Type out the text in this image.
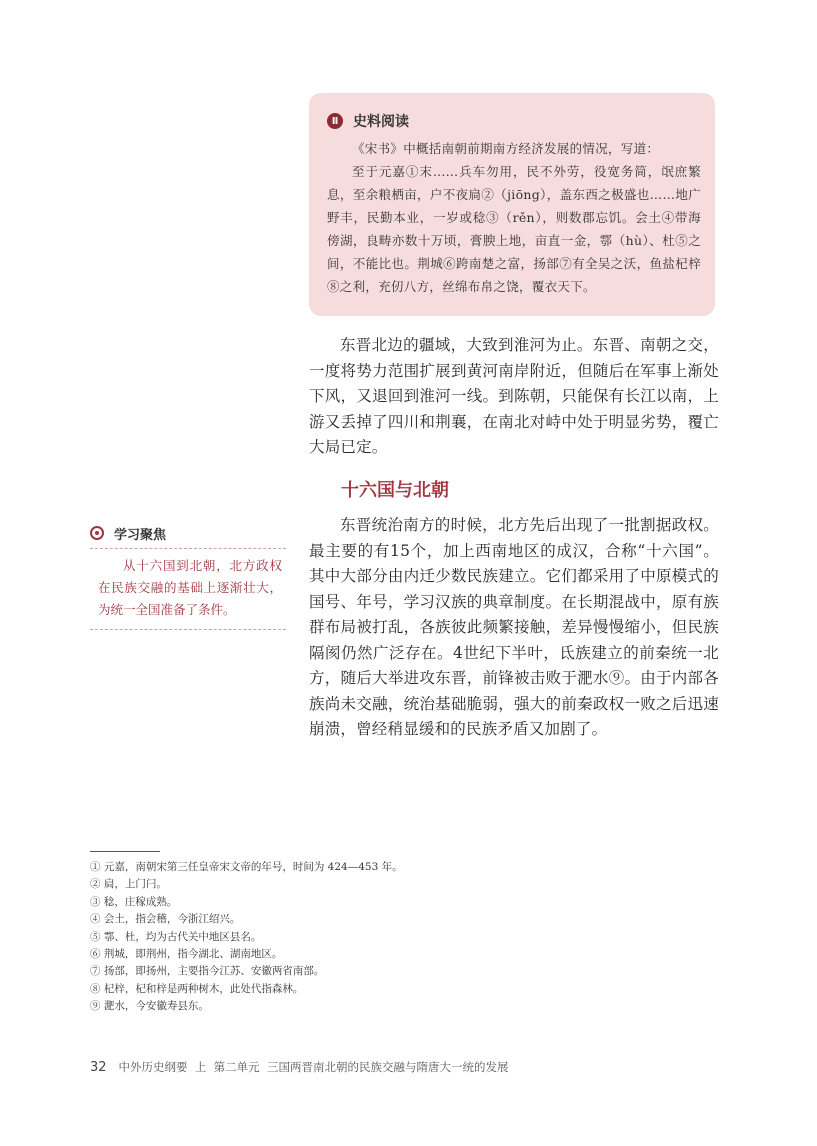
Ⅱ	史料阅读

《宋书》中概括南朝前期南方经济发展的情况，写道：

至于元嘉①末……兵车勿用，民不外劳，役宽务简，氓庶繁息，至余粮栖亩，户不夜扃②（jiōng），盖东西之极盛也……地广野丰，民勤本业，一岁或稔③（rěn），则数郡忘饥。会土④带海傍湖，良畴亦数十万顷，膏腴上地，亩直一金，鄠（hù）、杜⑤之间，不能比也。荆城⑥跨南楚之富，扬部⑦有全吴之沃，鱼盐杞梓⑧之利，充仞八方，丝绵布帛之饶，覆衣天下。

东晋北边的疆域，大致到淮河为止。东晋、南朝之交，一度将势力范围扩展到黄河南岸附近，但随后在军事上渐处下风，又退回到淮河一线。到陈朝，只能保有长江以南，上游又丢掉了四川和荆襄，在南北对峙中处于明显劣势，覆亡大局已定。

十六国与北朝

东晋统治南方的时候，北方先后出现了一批割据政权。最主要的有15个，加上西南地区的成汉，合称“十六国”。其中大部分由内迁少数民族建立。它们都采用了中原模式的国号、年号，学习汉族的典章制度。在长期混战中，原有族群布局被打乱，各族彼此频繁接触，差异慢慢缩小，但民族隔阂仍然广泛存在。4世纪下半叶，氐族建立的前秦统一北方，随后大举进攻东晋，前锋被击败于淝水⑨。由于内部各族尚未交融，统治基础脆弱，强大的前秦政权一败之后迅速崩溃，曾经稍显缓和的民族矛盾又加剧了。

学习聚焦

从十六国到北朝，北方政权在民族交融的基础上逐渐壮大，为统一全国准备了条件。

① 元嘉，南朝宋第三任皇帝宋文帝的年号，时间为 424—453 年。
② 扃，上门闩。
③ 稔，庄稼成熟。
④ 会土，指会稽，今浙江绍兴。
⑤ 鄠、杜，均为古代关中地区县名。
⑥ 荆城，即荆州，指今湖北、湖南地区。
⑦ 扬部，即扬州，主要指今江苏、安徽两省南部。
⑧ 杞梓，杞和梓是两种树木，此处代指森林。
⑨ 淝水，今安徽寿县东。
32 中外历史纲要
上
第二单元
三国两晋南北朝的民族交融与隋唐大一统的发展
